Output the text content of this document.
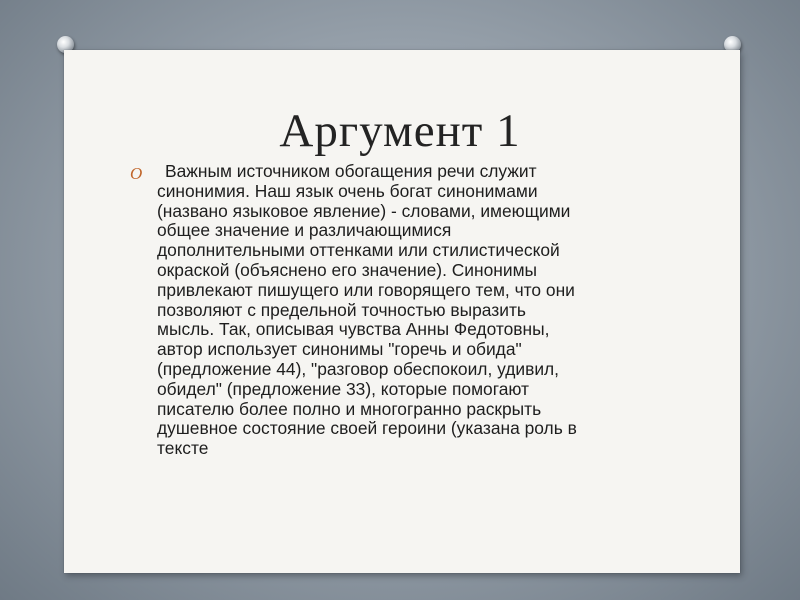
Аргумент 1
O	Важным источником обогащения речи служит
синонимия. Наш язык очень богат синонимами
(названо языковое явление) - словами, имеющими
общее значение и различающимися
дополнительными оттенками или стилистической
окраской (объяснено его значение). Синонимы
привлекают пишущего или говорящего тем, что они
позволяют с предельной точностью выразить
мысль. Так, описывая чувства Анны Федотовны,
автор использует синонимы "горечь и обида"
(предложение 44), "разговор обеспокоил, удивил,
обидел" (предложение 33), которые помогают
писателю более полно и многогранно раскрыть
душевное состояние своей героини (указана роль в
тексте
